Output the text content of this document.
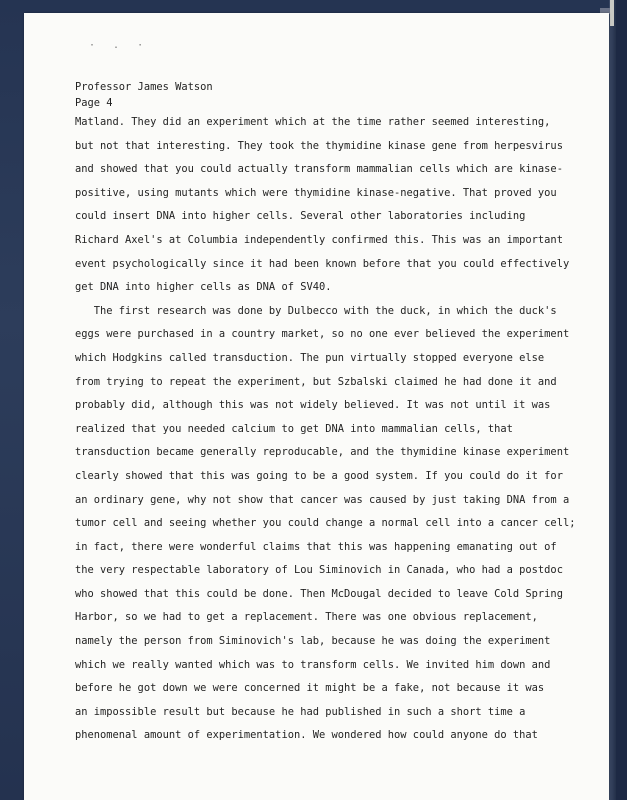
· . ·
Professor James Watson
Page 4
Matland. They did an experiment which at the time rather seemed interesting,
but not that interesting. They took the thymidine kinase gene from herpesvirus
and showed that you could actually transform mammalian cells which are kinase-
positive, using mutants which were thymidine kinase-negative. That proved you
could insert DNA into higher cells. Several other laboratories including
Richard Axel's at Columbia independently confirmed this. This was an important
event psychologically since it had been known before that you could effectively
get DNA into higher cells as DNA of SV40.
The first research was done by Dulbecco with the duck, in which the duck's
eggs were purchased in a country market, so no one ever believed the experiment
which Hodgkins called transduction. The pun virtually stopped everyone else
from trying to repeat the experiment, but Szbalski claimed he had done it and
probably did, although this was not widely believed. It was not until it was
realized that you needed calcium to get DNA into mammalian cells, that
transduction became generally reproducable, and the thymidine kinase experiment
clearly showed that this was going to be a good system. If you could do it for
an ordinary gene, why not show that cancer was caused by just taking DNA from a
tumor cell and seeing whether you could change a normal cell into a cancer cell;
in fact, there were wonderful claims that this was happening emanating out of
the very respectable laboratory of Lou Siminovich in Canada, who had a postdoc
who showed that this could be done. Then McDougal decided to leave Cold Spring
Harbor, so we had to get a replacement. There was one obvious replacement,
namely the person from Siminovich's lab, because he was doing the experiment
which we really wanted which was to transform cells. We invited him down and
before he got down we were concerned it might be a fake, not because it was
an impossible result but because he had published in such a short time a
phenomenal amount of experimentation. We wondered how could anyone do that
